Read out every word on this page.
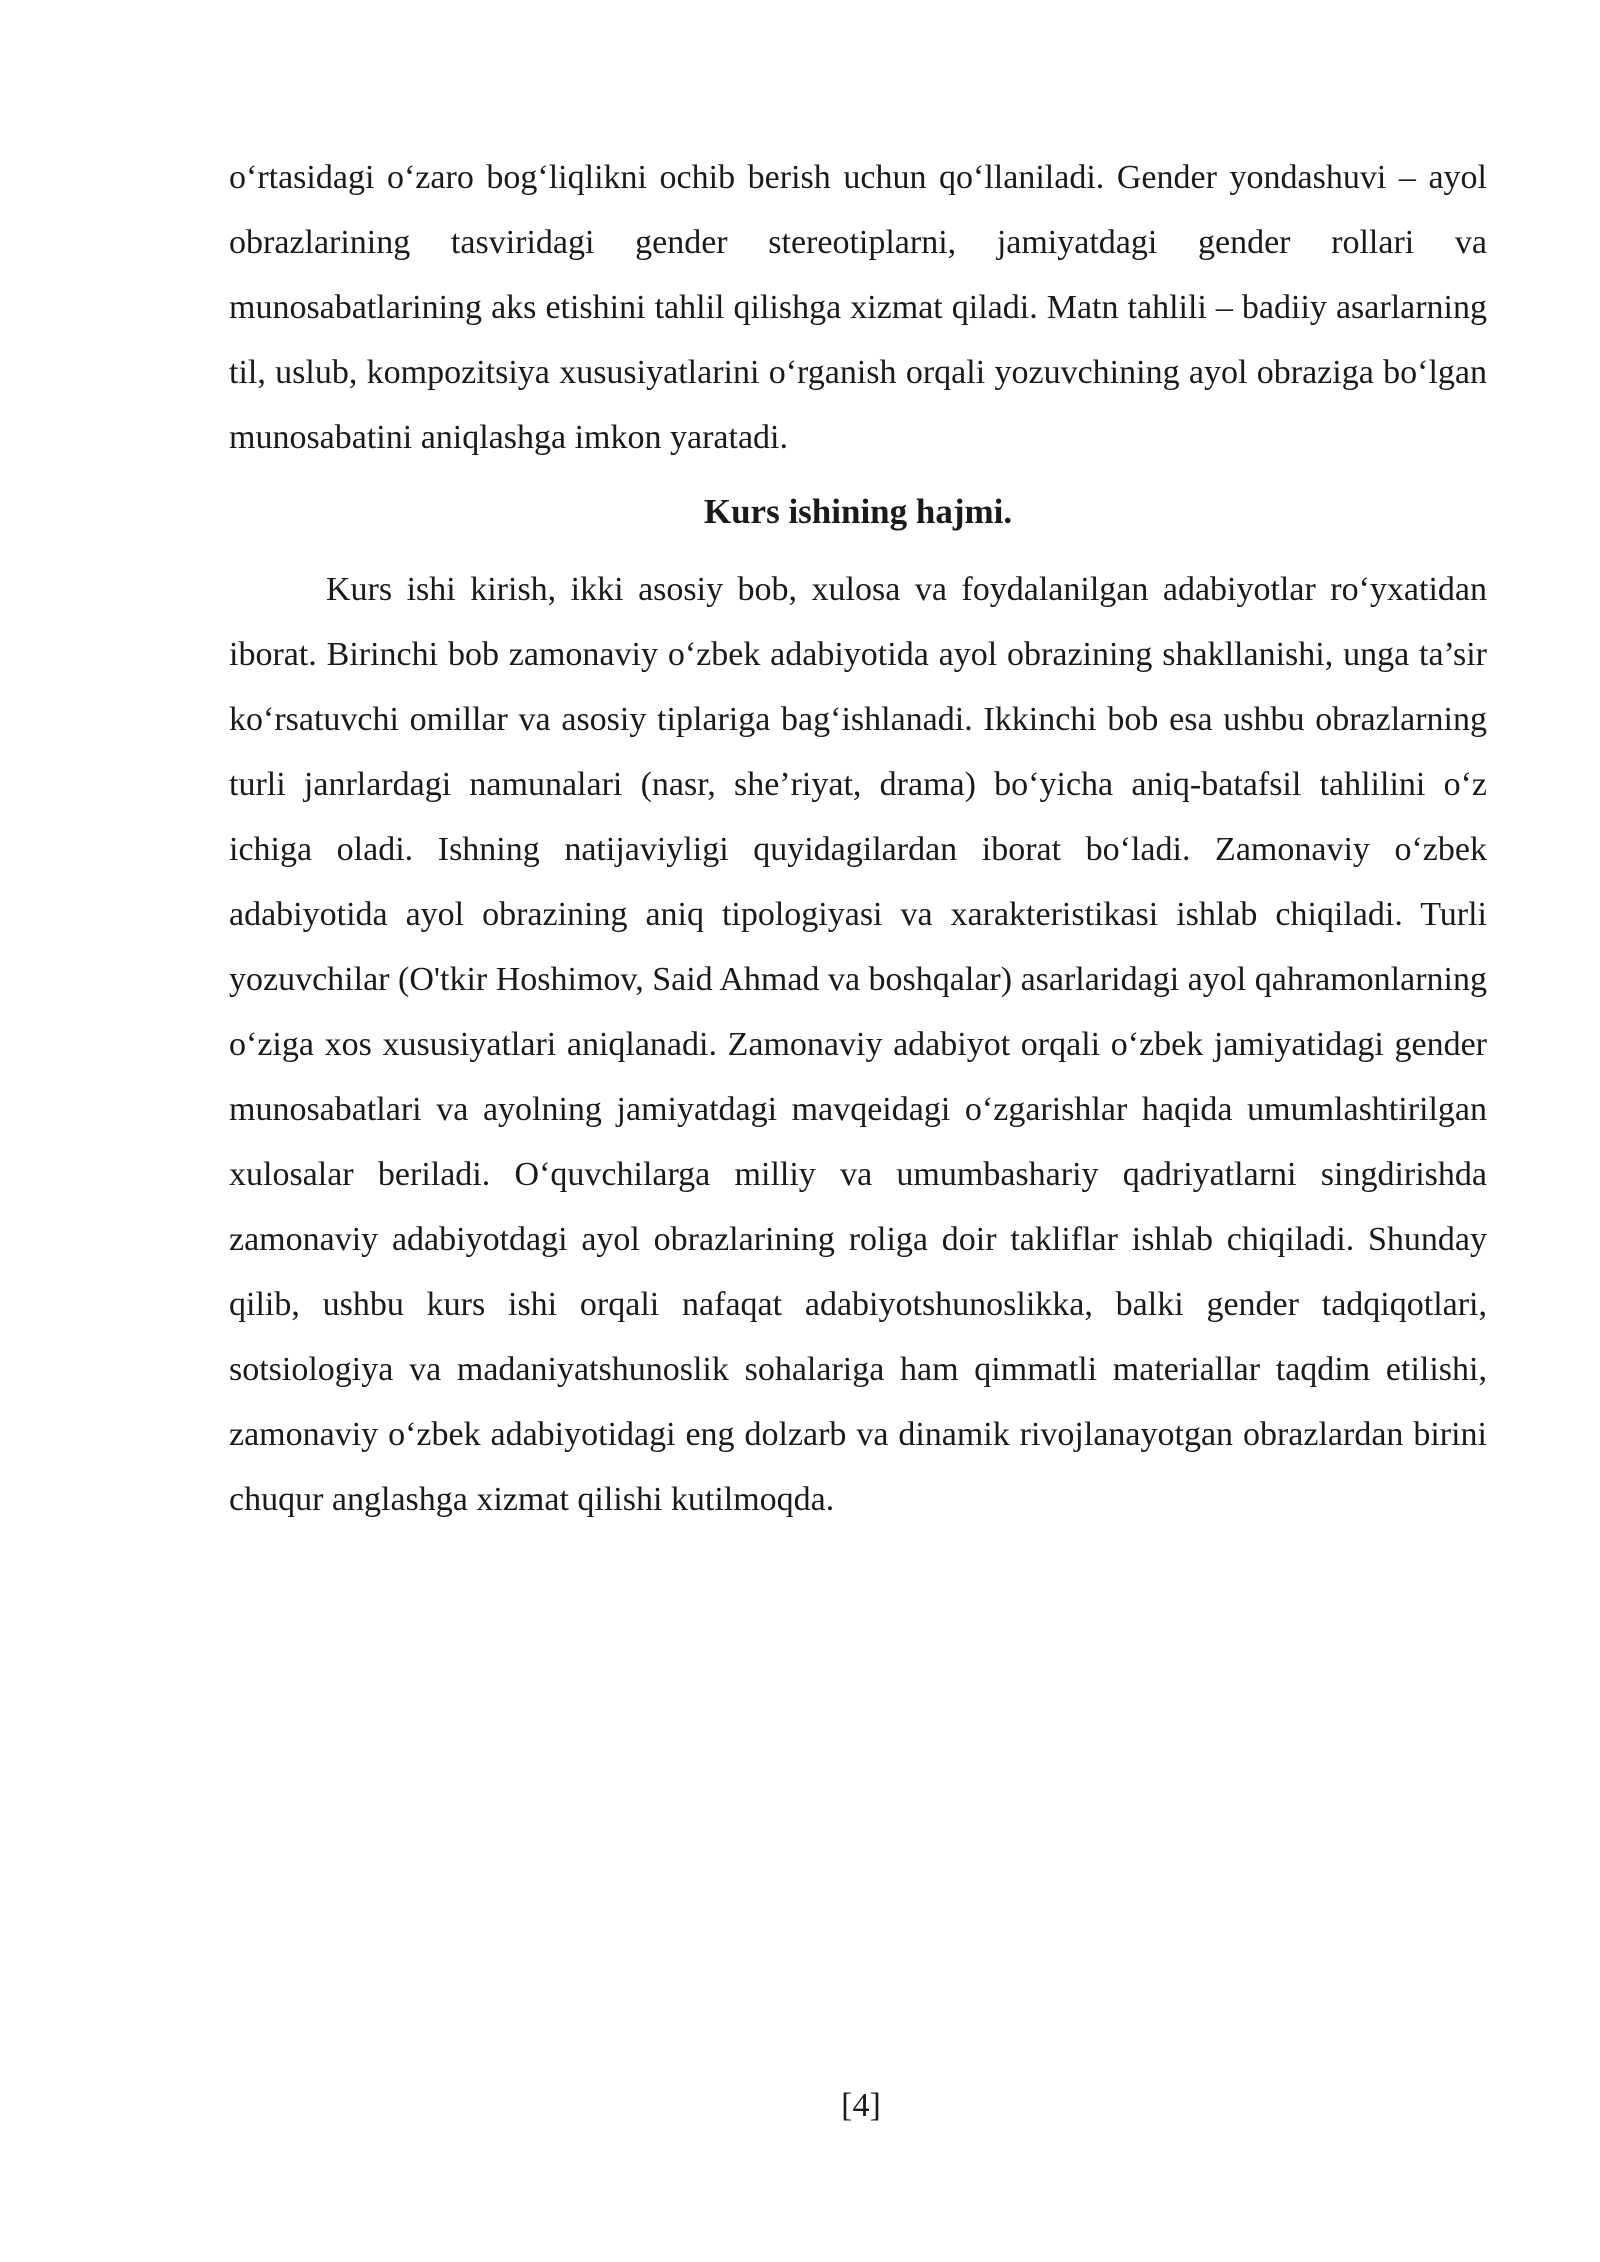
o‘rtasidagi o‘zaro bog‘liqlikni ochib berish uchun qo‘llaniladi. Gender yondashuvi – ayol obrazlarining tasviridagi gender stereotiplarni, jamiyatdagi gender rollari va munosabatlarining aks etishini tahlil qilishga xizmat qiladi. Matn tahlili – badiiy asarlarning til, uslub, kompozitsiya xususiyatlarini o‘rganish orqali yozuvchining ayol obraziga bo‘lgan munosabatini aniqlashga imkon yaratadi.

Kurs ishining hajmi.

Kurs ishi kirish, ikki asosiy bob, xulosa va foydalanilgan adabiyotlar ro‘yxatidan iborat. Birinchi bob zamonaviy o‘zbek adabiyotida ayol obrazining shakllanishi, unga ta’sir ko‘rsatuvchi omillar va asosiy tiplariga bag‘ishlanadi. Ikkinchi bob esa ushbu obrazlarning turli janrlardagi namunalari (nasr, she’riyat, drama) bo‘yicha aniq-batafsil tahlilini o‘z ichiga oladi. Ishning natijaviyligi quyidagilardan iborat bo‘ladi. Zamonaviy o‘zbek adabiyotida ayol obrazining aniq tipologiyasi va xarakteristikasi ishlab chiqiladi. Turli yozuvchilar (O'tkir Hoshimov, Said Ahmad va boshqalar) asarlaridagi ayol qahramonlarning o‘ziga xos xususiyatlari aniqlanadi. Zamonaviy adabiyot orqali o‘zbek jamiyatidagi gender munosabatlari va ayolning jamiyatdagi mavqeidagi o‘zgarishlar haqida umumlashtirilgan xulosalar beriladi. O‘quvchilarga milliy va umumbashariy qadriyatlarni singdirishda zamonaviy adabiyotdagi ayol obrazlarining roliga doir takliflar ishlab chiqiladi. Shunday qilib, ushbu kurs ishi orqali nafaqat adabiyotshunoslikka, balki gender tadqiqotlari, sotsiologiya va madaniyatshunoslik sohalariga ham qimmatli materiallar taqdim etilishi, zamonaviy o‘zbek adabiyotidagi eng dolzarb va dinamik rivojlanayotgan obrazlardan birini chuqur anglashga xizmat qilishi kutilmoqda.

[4]
